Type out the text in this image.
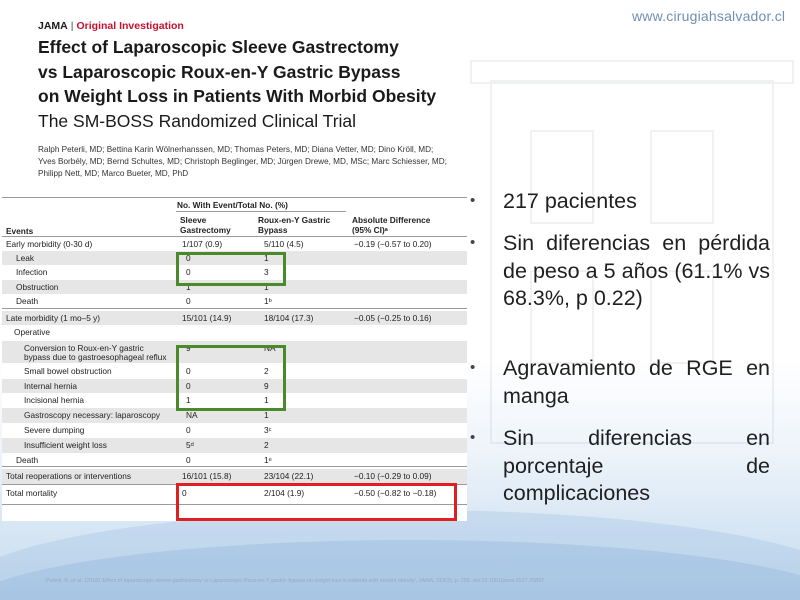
www.cirugiahsalvador.cl
JAMA | Original Investigation
Effect of Laparoscopic Sleeve Gastrectomy
vs Laparoscopic Roux-en-Y Gastric Bypass
on Weight Loss in Patients With Morbid Obesity
The SM-BOSS Randomized Clinical Trial
Ralph Peterli, MD; Bettina Karin Wölnerhanssen, MD; Thomas Peters, MD; Diana Vetter, MD; Dino Kröll, MD;
Yves Borbély, MD; Bernd Schultes, MD; Christoph Beglinger, MD; Jürgen Drewe, MD, MSc; Marc Schiesser, MD;
Philipp Nett, MD; Marco Bueter, MD, PhD
No. With Event/Total No. (%)
Events
Sleeve Gastrectomy
Roux-en-Y Gastric Bypass
Absolute Difference (95% CI)ᵃ
Early morbidity (0-30 d)	1/107 (0.9)	5/110 (4.5)	−0.19 (−0.57 to 0.20)
Leak	0	1
Infection	0	3
Obstruction	1	1
Death	0	1ᵇ
Late morbidity (1 mo–5 y)	15/101 (14.9)	18/104 (17.3)	−0.05 (−0.25 to 0.16)
Operative
Conversion to Roux-en-Y gastric
bypass due to gastroesophageal reflux
9	NA
Small bowel obstruction	0	2
Internal hernia	0	9
Incisional hernia	1	1
Gastroscopy necessary: laparoscopy	NA	1
Severe dumping	0	3ᶜ
Insufficient weight loss	5ᵈ	2
Death	0	1ᵉ
Total reoperations or interventions	16/101 (15.8)	23/104 (22.1)	−0.10 (−0.29 to 0.09)
Total mortality	0	2/104 (1.9)	−0.50 (−0.82 to −0.18)
• 217 pacientes
• Sin diferencias en pérdida de peso a 5 años (61.1% vs 68.3%, p 0.22)
• Agravamiento de RGE en manga
• Sin diferencias en porcentaje de complicaciones
Peterli, R. et al. (2018) 'Effect of laparoscopic sleeve gastrectomy vs Laparoscopic Roux-en-Y gastric bypass on weight loss in patients with morbid obesity', JAMA, 319(3), p. 255. doi:10.1001/jama.2017.20897.
